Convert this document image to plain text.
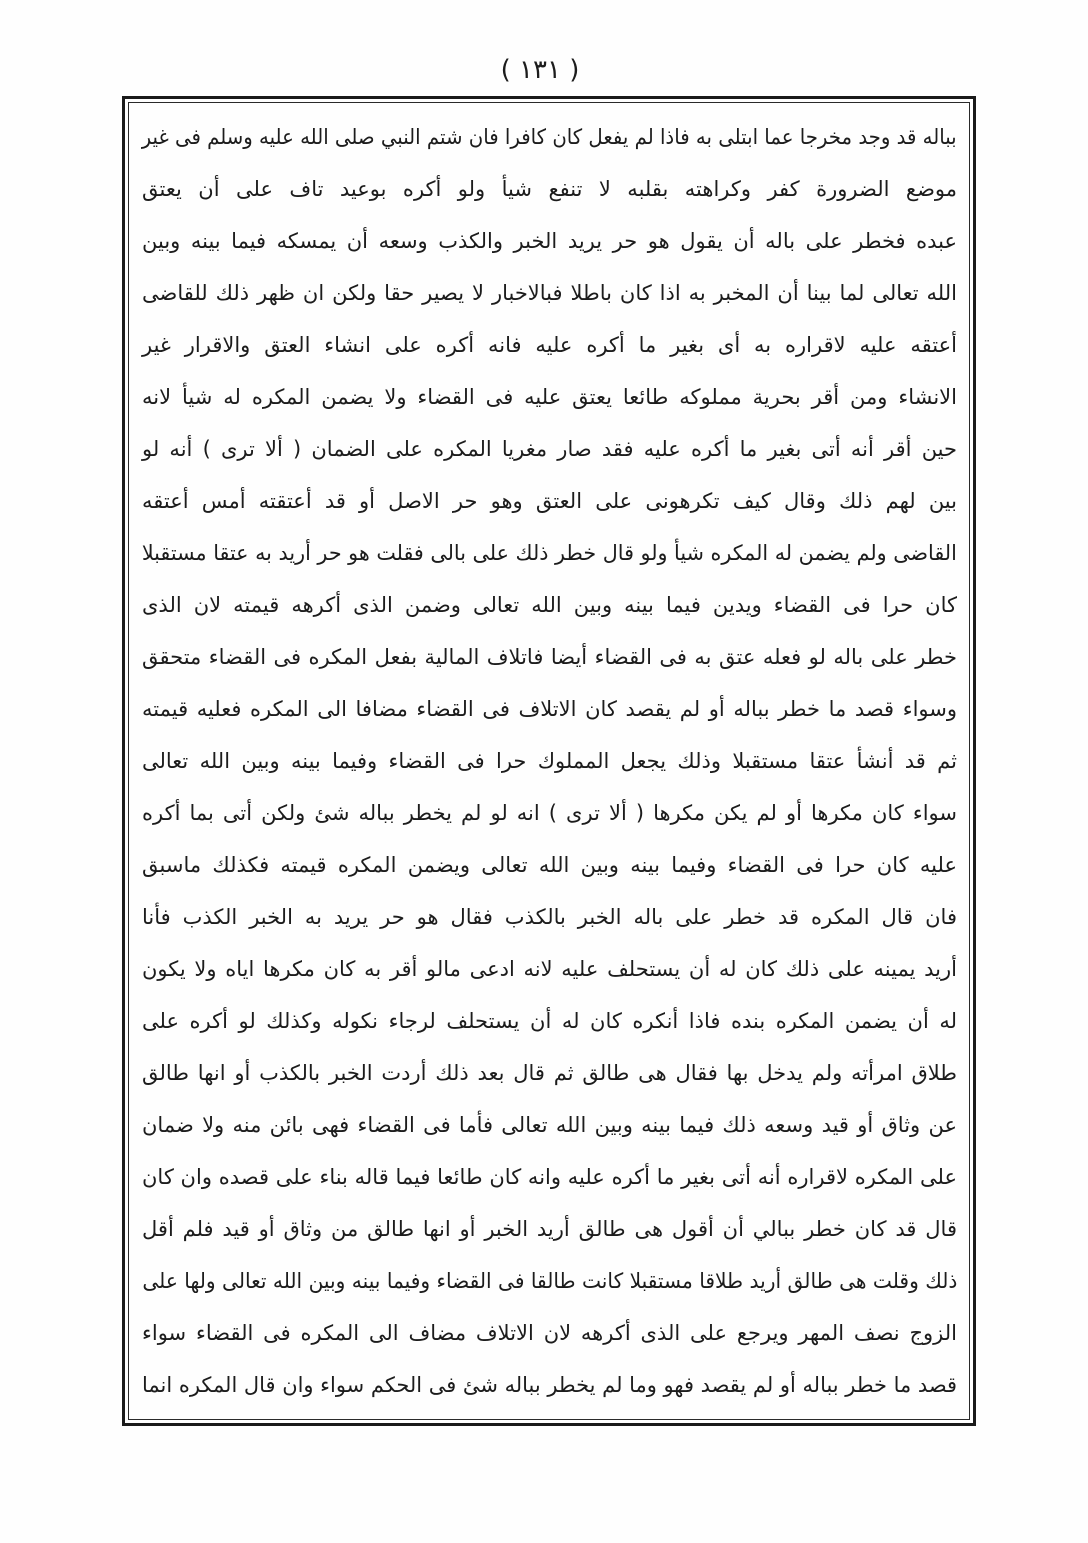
( ١٣١ )
بباله قد وجد مخرجا عما ابتلى به فاذا لم يفعل كان كافرا فان شتم النبي صلى الله عليه وسلم فى غير
موضع الضرورة كفر وكراهته بقلبه لا تنفع شيأ ولو أكره بوعيد تاف على أن يعتق
عبده فخطر على باله أن يقول هو حر يريد الخبر والكذب وسعه أن يمسكه فيما بينه وبين
الله تعالى لما بينا أن المخبر به اذا كان باطلا فبالاخبار لا يصير حقا ولكن ان ظهر ذلك للقاضى
أعتقه عليه لاقراره به أى بغير ما أكره عليه فانه أكره على انشاء العتق والاقرار غير
الانشاء ومن أقر بحرية مملوكه طائعا يعتق عليه فى القضاء ولا يضمن المكره له شيأ لانه
حين أقر أنه أتى بغير ما أكره عليه فقد صار مغريا المكره على الضمان ( ألا ترى ) أنه لو
بين لهم ذلك وقال كيف تكرهونى على العتق وهو حر الاصل أو قد أعتقته أمس أعتقه
القاضى ولم يضمن له المكره شيأ ولو قال خطر ذلك على بالى فقلت هو حر أريد به عتقا مستقبلا
كان حرا فى القضاء ويدين فيما بينه وبين الله تعالى وضمن الذى أكرهه قيمته لان الذى
خطر على باله لو فعله عتق به فى القضاء أيضا فاتلاف المالية بفعل المكره فى القضاء متحقق
وسواء قصد ما خطر بباله أو لم يقصد كان الاتلاف فى القضاء مضافا الى المكره فعليه قيمته
ثم قد أنشأ عتقا مستقبلا وذلك يجعل المملوك حرا فى القضاء وفيما بينه وبين الله تعالى
سواء كان مكرها أو لم يكن مكرها ( ألا ترى ) انه لو لم يخطر بباله شئ ولكن أتى بما أكره
عليه كان حرا فى القضاء وفيما بينه وبين الله تعالى ويضمن المكره قيمته فكذلك ماسبق
فان قال المكره قد خطر على باله الخبر بالكذب فقال هو حر يريد به الخبر الكذب فأنا
أريد يمينه على ذلك كان له أن يستحلف عليه لانه ادعى مالو أقر به كان مكرها اياه ولا يكون
له أن يضمن المكره بنده فاذا أنكره كان له أن يستحلف لرجاء نكوله وكذلك لو أكره على
طلاق امرأته ولم يدخل بها فقال هى طالق ثم قال بعد ذلك أردت الخبر بالكذب أو انها طالق
عن وثاق أو قيد وسعه ذلك فيما بينه وبين الله تعالى فأما فى القضاء فهى بائن منه ولا ضمان
على المكره لاقراره أنه أتى بغير ما أكره عليه وانه كان طائعا فيما قاله بناء على قصده وان كان
قال قد كان خطر ببالي أن أقول هى طالق أريد الخبر أو انها طالق من وثاق أو قيد فلم أقل
ذلك وقلت هى طالق أريد طلاقا مستقبلا كانت طالقا فى القضاء وفيما بينه وبين الله تعالى ولها على
الزوج نصف المهر ويرجع على الذى أكرهه لان الاتلاف مضاف الى المكره فى القضاء سواء
قصد ما خطر بباله أو لم يقصد فهو وما لم يخطر بباله شئ فى الحكم سواء وان قال المكره انما
